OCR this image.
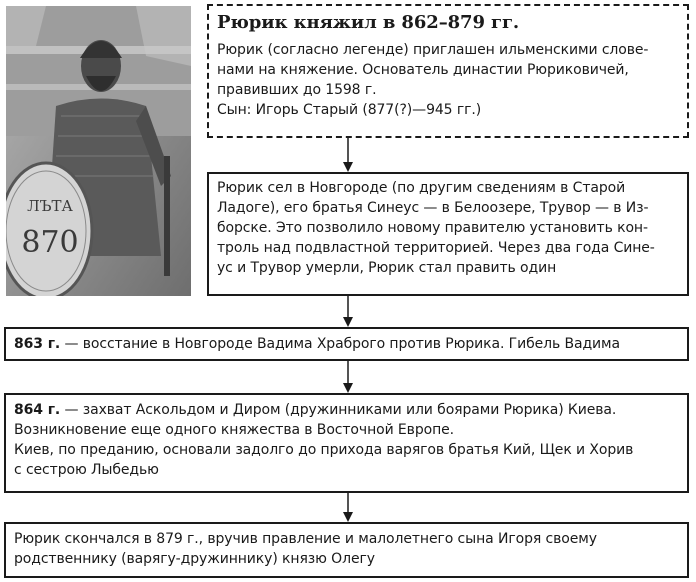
ЛЪТА
870

Рюрик княжил в 862–879 гг.

Рюрик (согласно легенде) приглашен ильменскими слове-

нами на княжение. Основатель династии Рюриковичей,

правивших до 1598 г.

Сын: Игорь Старый (877(?)—945 гг.)

Рюрик сел в Новгороде (по другим сведениям в Старой

Ладоге), его братья Синеус — в Белоозере, Трувор — в Из-

борске. Это позволило новому правителю установить кон-

троль над подвластной территорией. Через два года Сине-

ус и Трувор умерли, Рюрик стал править один

863 г. — восстание в Новгороде Вадима Храброго против Рюрика. Гибель Вадима

864 г. — захват Аскольдом и Диром (дружинниками или боярами Рюрика) Киева.

Возникновение еще одного княжества в Восточной Европе.

Киев, по преданию, основали задолго до прихода варягов братья Кий, Щек и Хорив

с сестрою Лыбедью

Рюрик скончался в 879 г., вручив правление и малолетнего сына Игоря своему

родственнику (варягу-дружиннику) князю Олегу
